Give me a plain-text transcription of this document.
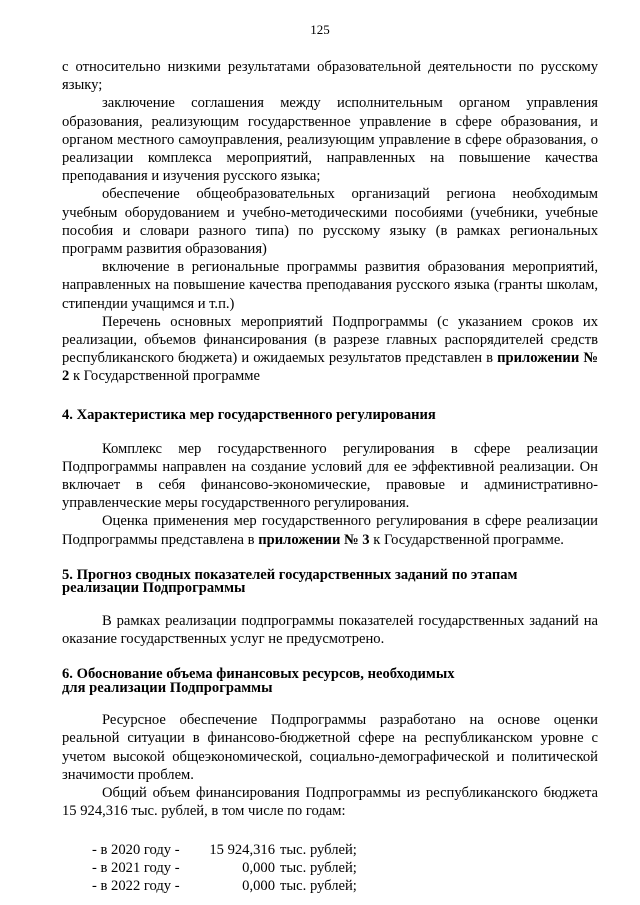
125

с относительно низкими результатами образовательной деятельности по русскому языку;

заключение соглашения между исполнительным органом управления образования, реализующим государственное управление в сфере образования, и органом местного самоуправления, реализующим управление в сфере образования, о реализации комплекса мероприятий, направленных на повышение качества преподавания и изучения русского языка;

обеспечение общеобразовательных организаций региона необходимым учебным оборудованием и учебно-методическими пособиями (учебники, учебные пособия и словари разного типа) по русскому языку (в рамках региональных программ развития образования)

включение в региональные программы развития образования мероприятий, направленных на повышение качества преподавания русского языка (гранты школам, стипендии учащимся и т.п.)

Перечень основных мероприятий Подпрограммы (с указанием сроков их реализации, объемов финансирования (в разрезе главных распорядителей средств республиканского бюджета) и ожидаемых результатов представлен в приложении № 2 к Государственной программе

4. Характеристика мер государственного регулирования

Комплекс мер государственного регулирования в сфере реализации Подпрограммы направлен на создание условий для ее эффективной реализации. Он включает в себя финансово-экономические, правовые и административно-управленческие меры государственного регулирования.

Оценка применения мер государственного регулирования в сфере реализации Подпрограммы представлена в приложении № 3 к Государственной программе.

5. Прогноз сводных показателей государственных заданий по этапам

реализации Подпрограммы

В рамках реализации подпрограммы показателей государственных заданий на оказание государственных услуг не предусмотрено.

6. Обоснование объема финансовых ресурсов, необходимых

для реализации Подпрограммы

Ресурсное обеспечение Подпрограммы разработано на основе оценки реальной ситуации в финансово-бюджетной сфере на республиканском уровне с учетом высокой общеэкономической, социально-демографической и политической значимости проблем.

Общий объем финансирования Подпрограммы из республиканского бюджета 15 924,316 тыс. рублей, в том числе по годам:

- в 2020 году -	15 924,316 тыс. рублей;
- в 2021 году -	0,000 тыс. рублей;
- в 2022 году -	0,000 тыс. рублей;
